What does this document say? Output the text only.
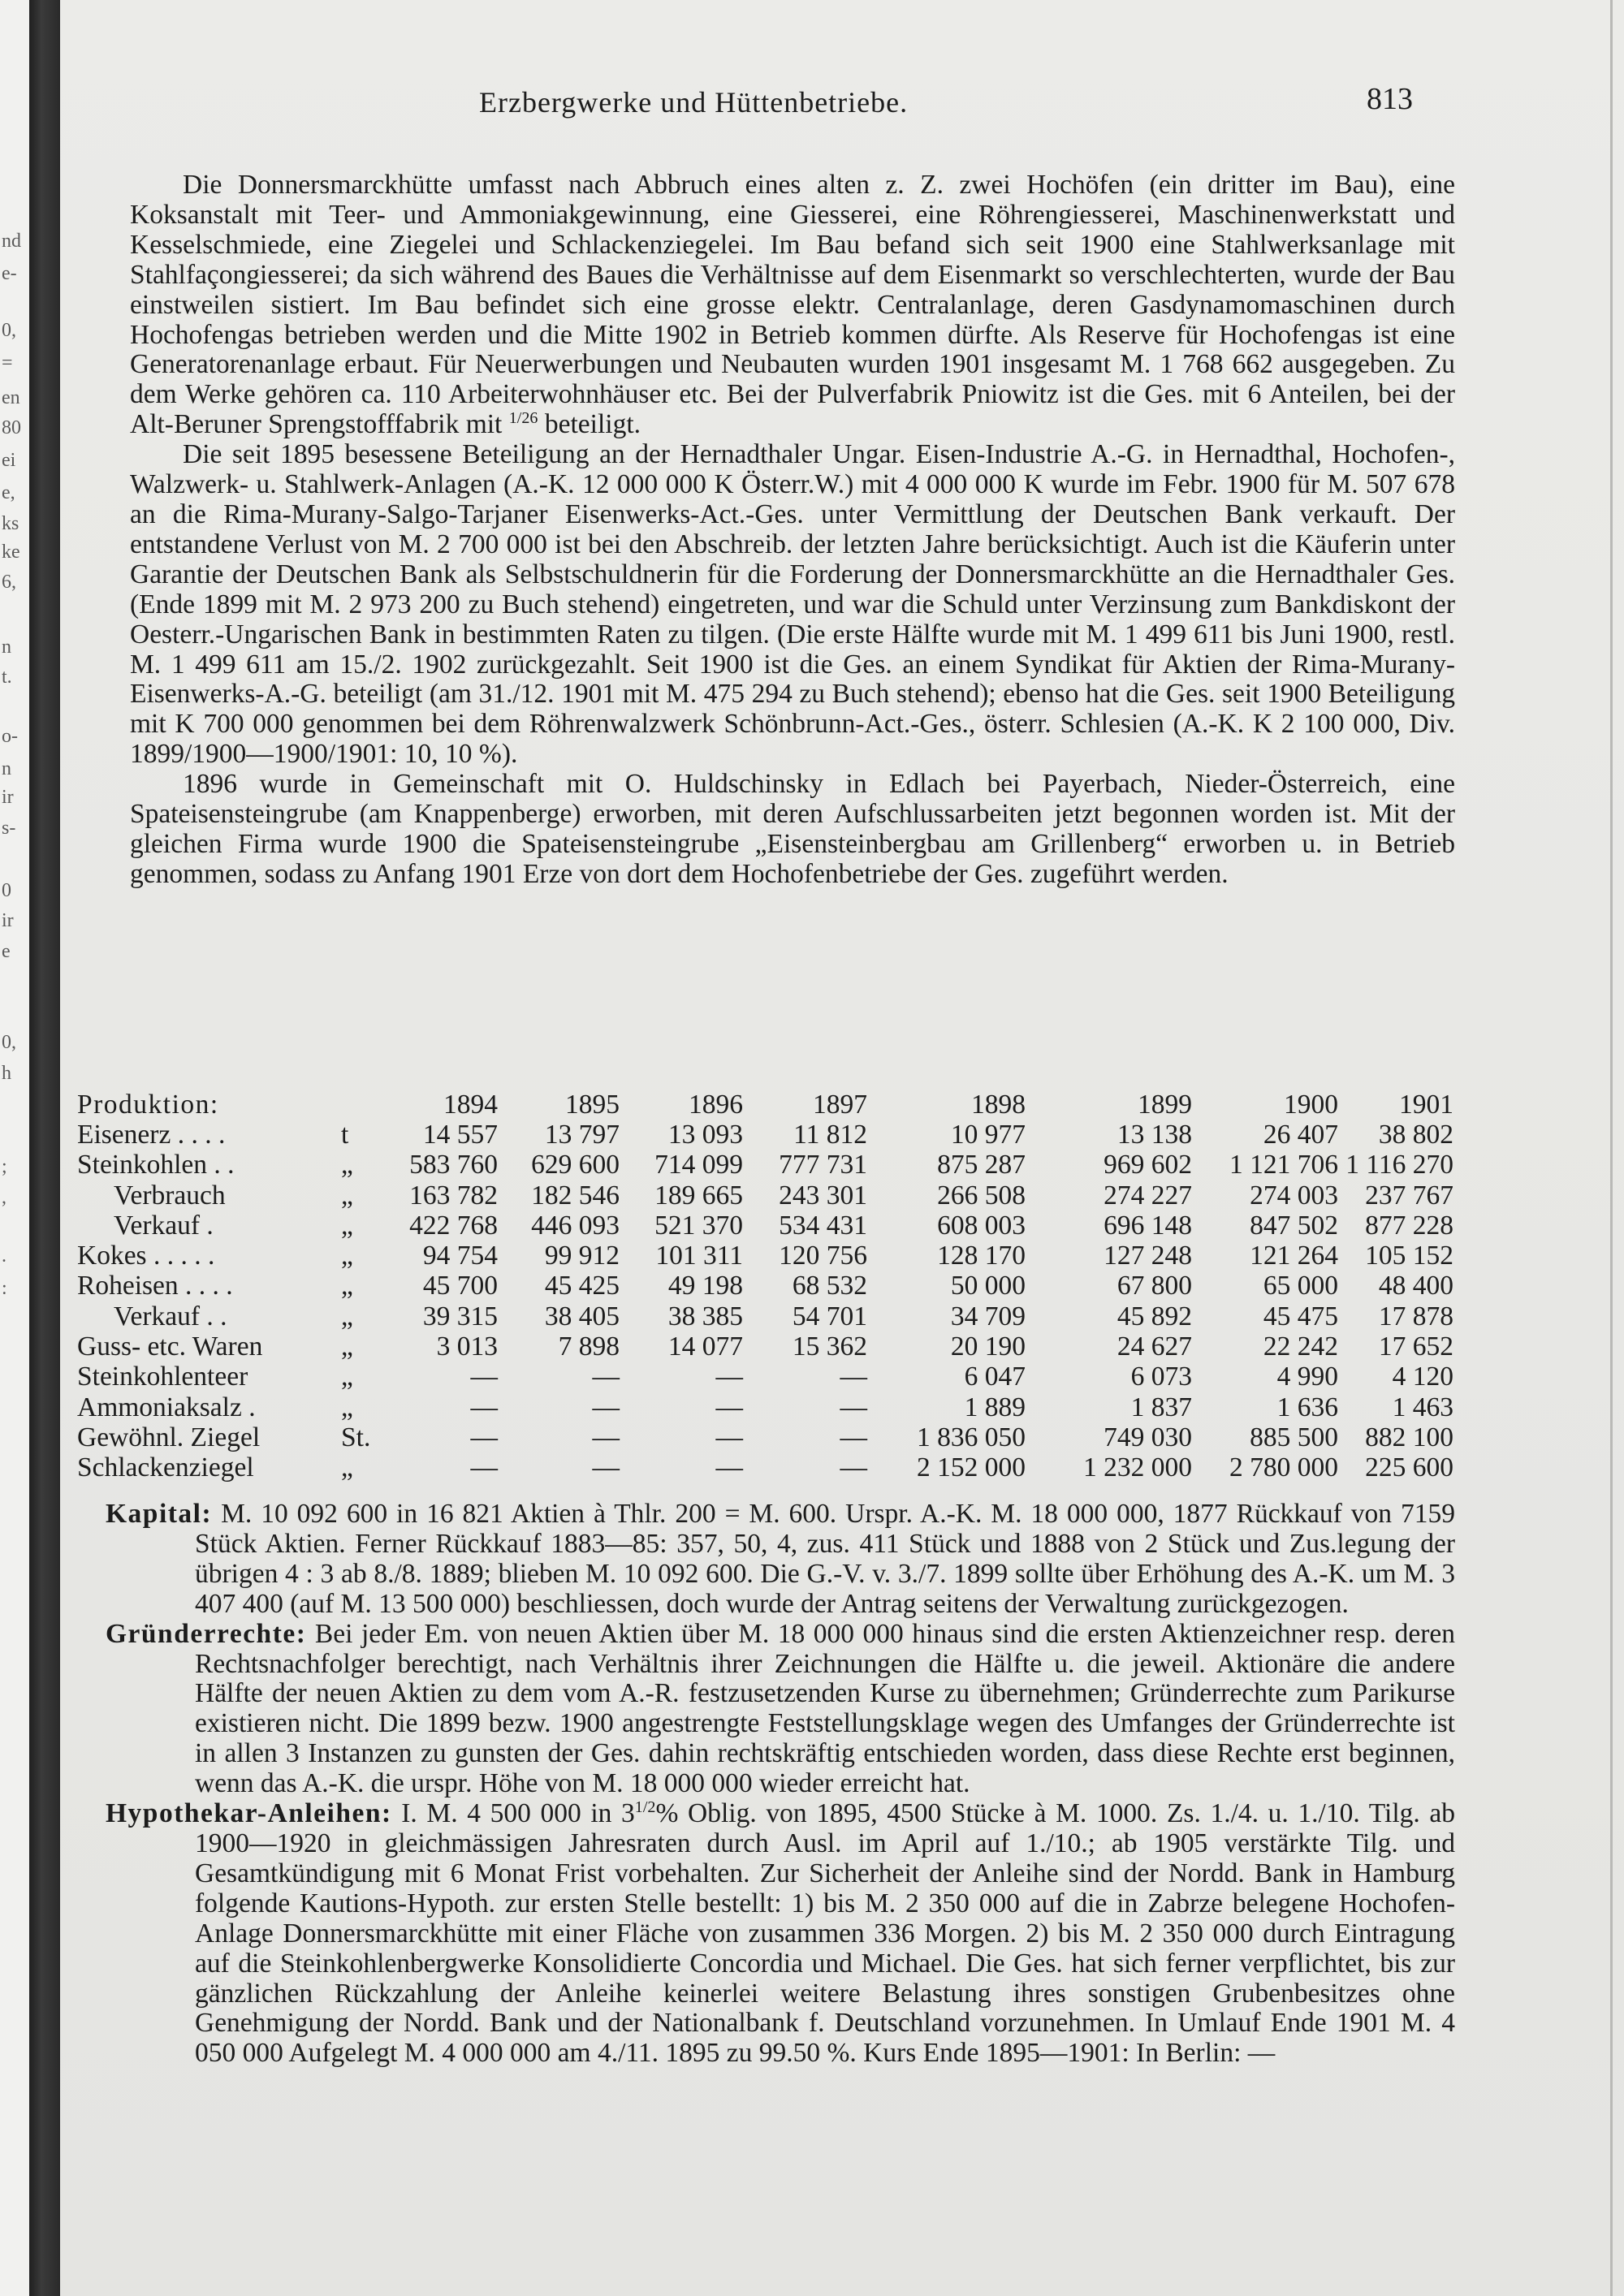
nd
e-
0,
=
en
80
ei
e,
ks
ke
6,
n
t.
o-
n
ir
s-
0
ir
e
0,
h
;
,
.
:
Erzbergwerke und Hüttenbetriebe.	813

Die Donnersmarckhütte umfasst nach Abbruch eines alten z. Z. zwei Hochöfen (ein dritter im Bau), eine Koksanstalt mit Teer- und Ammoniakgewinnung, eine Giesserei, eine Röhrengiesserei, Maschinenwerkstatt und Kesselschmiede, eine Ziegelei und Schlackenziegelei. Im Bau befand sich seit 1900 eine Stahlwerksanlage mit Stahlfaçongiesserei; da sich während des Baues die Verhältnisse auf dem Eisenmarkt so verschlechterten, wurde der Bau einstweilen sistiert. Im Bau befindet sich eine grosse elektr. Centralanlage, deren Gasdynamomaschinen durch Hochofengas betrieben werden und die Mitte 1902 in Betrieb kommen dürfte. Als Reserve für Hochofengas ist eine Generatorenanlage erbaut. Für Neuerwerbungen und Neubauten wurden 1901 insgesamt M. 1 768 662 ausgegeben. Zu dem Werke gehören ca. 110 Arbeiterwohnhäuser etc. Bei der Pulverfabrik Pniowitz ist die Ges. mit 6 Anteilen, bei der Alt-Beruner Sprengstofffabrik mit $^{1/26}$ beteiligt.

Die seit 1895 besessene Beteiligung an der Hernadthaler Ungar. Eisen-Industrie A.-G. in Hernadthal, Hochofen-, Walzwerk- u. Stahlwerk-Anlagen (A.-K. 12 000 000 K Österr.W.) mit 4 000 000 K wurde im Febr. 1900 für M. 507 678 an die Rima-Murany-Salgo-Tarjaner Eisenwerks-Act.-Ges. unter Vermittlung der Deutschen Bank verkauft. Der entstandene Verlust von M. 2 700 000 ist bei den Abschreib. der letzten Jahre berücksichtigt. Auch ist die Käuferin unter Garantie der Deutschen Bank als Selbstschuldnerin für die Forderung der Donnersmarckhütte an die Hernadthaler Ges. (Ende 1899 mit M. 2 973 200 zu Buch stehend) eingetreten, und war die Schuld unter Verzinsung zum Bankdiskont der Oesterr.-Ungarischen Bank in bestimmten Raten zu tilgen. (Die erste Hälfte wurde mit M. 1 499 611 bis Juni 1900, restl. M. 1 499 611 am 15./2. 1902 zurückgezahlt. Seit 1900 ist die Ges. an einem Syndikat für Aktien der Rima-Murany-Eisenwerks-A.-G. beteiligt (am 31./12. 1901 mit M. 475 294 zu Buch stehend); ebenso hat die Ges. seit 1900 Beteiligung mit K 700 000 genommen bei dem Röhrenwalzwerk Schönbrunn-Act.-Ges., österr. Schlesien (A.-K. K 2 100 000, Div. 1899/1900—1900/1901: 10, 10 %).

1896 wurde in Gemeinschaft mit O. Huldschinsky in Edlach bei Payerbach, Nieder-Österreich, eine Spateisensteingrube (am Knappenberge) erworben, mit deren Aufschlussarbeiten jetzt begonnen worden ist. Mit der gleichen Firma wurde 1900 die Spateisensteingrube „Eisensteinbergbau am Grillenberg“ erworben u. in Betrieb genommen, sodass zu Anfang 1901 Erze von dort dem Hochofenbetriebe der Ges. zugeführt werden.

Produktion:		1894	1895	1896	1897	1898	1899	1900	1901
Eisenerz . . . .	t	14 557	13 797	13 093	11 812	10 977	13 138	26 407	38 802
Steinkohlen . .	„	583 760	629 600	714 099	777 731	875 287	969 602	1 121 706	1 116 270
Verbrauch	„	163 782	182 546	189 665	243 301	266 508	274 227	274 003	237 767
Verkauf .	„	422 768	446 093	521 370	534 431	608 003	696 148	847 502	877 228
Kokes . . . . .	„	94 754	99 912	101 311	120 756	128 170	127 248	121 264	105 152
Roheisen . . . .	„	45 700	45 425	49 198	68 532	50 000	67 800	65 000	48 400
Verkauf . .	„	39 315	38 405	38 385	54 701	34 709	45 892	45 475	17 878
Guss- etc. Waren	„	3 013	7 898	14 077	15 362	20 190	24 627	22 242	17 652
Steinkohlenteer	„	—	—	—	—	6 047	6 073	4 990	4 120
Ammoniaksalz .	„	—	—	—	—	1 889	1 837	1 636	1 463
Gewöhnl. Ziegel	St.	—	—	—	—	1 836 050	749 030	885 500	882 100
Schlackenziegel	„	—	—	—	—	2 152 000	1 232 000	2 780 000	225 600

Kapital: M. 10 092 600 in 16 821 Aktien à Thlr. 200 = M. 600. Urspr. A.-K. M. 18 000 000, 1877 Rückkauf von 7159 Stück Aktien. Ferner Rückkauf 1883—85: 357, 50, 4, zus. 411 Stück und 1888 von 2 Stück und Zus.legung der übrigen 4 : 3 ab 8./8. 1889; blieben M. 10 092 600. Die G.-V. v. 3./7. 1899 sollte über Erhöhung des A.-K. um M. 3 407 400 (auf M. 13 500 000) beschliessen, doch wurde der Antrag seitens der Verwaltung zurückgezogen.

Gründerrechte: Bei jeder Em. von neuen Aktien über M. 18 000 000 hinaus sind die ersten Aktienzeichner resp. deren Rechtsnachfolger berechtigt, nach Verhältnis ihrer Zeichnungen die Hälfte u. die jeweil. Aktionäre die andere Hälfte der neuen Aktien zu dem vom A.-R. festzusetzenden Kurse zu übernehmen; Gründerrechte zum Parikurse existieren nicht. Die 1899 bezw. 1900 angestrengte Feststellungsklage wegen des Umfanges der Gründerrechte ist in allen 3 Instanzen zu gunsten der Ges. dahin rechtskräftig entschieden worden, dass diese Rechte erst beginnen, wenn das A.-K. die urspr. Höhe von M. 18 000 000 wieder erreicht hat.

Hypothekar-Anleihen: I. M. 4 500 000 in $3^{1/2}\%$ Oblig. von 1895, 4500 Stücke à M. 1000. Zs. 1./4. u. 1./10. Tilg. ab 1900—1920 in gleichmässigen Jahresraten durch Ausl. im April auf 1./10.; ab 1905 verstärkte Tilg. und Gesamtkündigung mit 6 Monat Frist vorbehalten. Zur Sicherheit der Anleihe sind der Nordd. Bank in Hamburg folgende Kautions-Hypoth. zur ersten Stelle bestellt: 1) bis M. 2 350 000 auf die in Zabrze belegene Hochofen-Anlage Donnersmarckhütte mit einer Fläche von zusammen 336 Morgen. 2) bis M. 2 350 000 durch Eintragung auf die Steinkohlenbergwerke Konsolidierte Concordia und Michael. Die Ges. hat sich ferner verpflichtet, bis zur gänzlichen Rückzahlung der Anleihe keinerlei weitere Belastung ihres sonstigen Grubenbesitzes ohne Genehmigung der Nordd. Bank und der Nationalbank f. Deutschland vorzunehmen. In Umlauf Ende 1901 M. 4 050 000 Aufgelegt M. 4 000 000 am 4./11. 1895 zu 99.50 %. Kurs Ende 1895—1901: In Berlin: —
